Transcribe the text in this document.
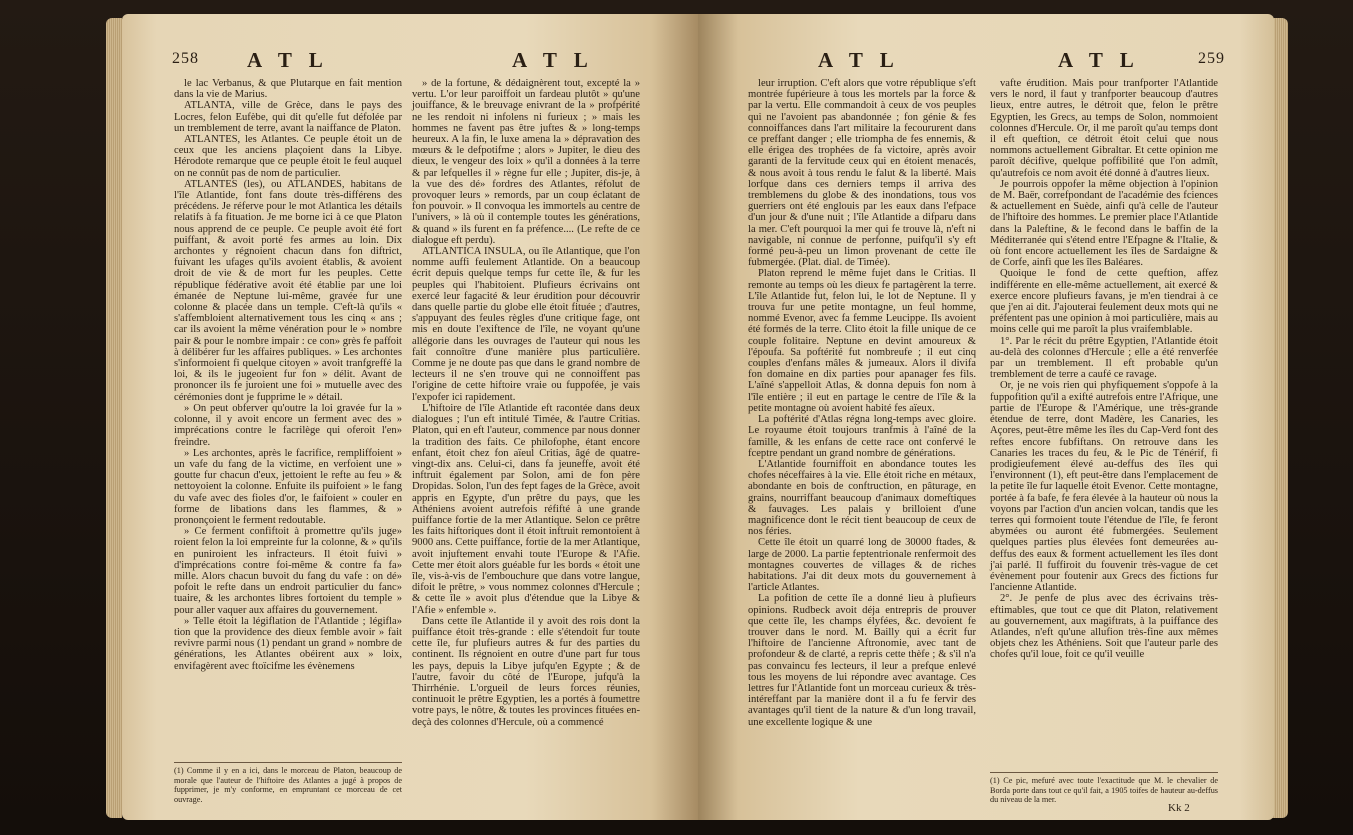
258 A T L	A T L

le lac Verbanus, & que Plutarque en fait mention dans la vie de Marius.

ATLANTA, ville de Grèce, dans le pays des Locres, felon Eufèbe, qui dit qu'elle fut défolée par un tremblement de terre, avant la naiffance de Platon.

ATLANTES, les Atlantes. Ce peuple étoit un de ceux que les anciens plaçoient dans la Libye. Hérodote remarque que ce peuple étoit le feul auquel on ne connût pas de nom de particulier.

ATLANTES (les), ou ATLANDES, habitans de l'île Atlantide, font fans doute très-différens des précédens. Je réferve pour le mot Atlantica les détails relatifs à fa fituation. Je me borne ici à ce que Platon nous apprend de ce peuple. Ce peuple avoit été fort puiffant, & avoit porté fes armes au loin. Dix archontes y régnoient chacun dans fon diftrict, fuivant les ufages qu'ils avoient établis, & avoient droit de vie & de mort fur les peuples. Cette république fédérative avoit été établie par une loi émanée de Neptune lui-même, gravée fur une colonne & placée dans un temple. C'eft-là qu'ils « s'affembloient alternativement tous les cinq « ans ; car ils avoient la même vénération pour le » nombre pair & pour le nombre impair : ce con» grès fe paffoit à délibérer fur les affaires publiques. » Les archontes s'informoient fi quelque citoyen » avoit tranfgreffé la loi, & ils le jugeoient fur fon » délit. Avant de prononcer ils fe juroient une foi » mutuelle avec des cérémonies dont je fupprime le » détail.

» On peut obferver qu'outre la loi gravée fur la » colonne, il y avoit encore un ferment avec des » imprécations contre le facrilège qui oferoit l'en» freindre.

» Les archontes, après le facrifice, rempliffoient » un vafe du fang de la victime, en verfoient une » goutte fur chacun d'eux, jettoient le refte au feu » & nettoyoient la colonne. Enfuite ils puifoient » le fang du vafe avec des fioles d'or, le faifoient » couler en forme de libations dans les flammes, & » prononçoient le ferment redoutable.

» Ce ferment confiftoit à promettre qu'ils juge» roient felon la loi empreinte fur la colonne, & » qu'ils en puniroient les infracteurs. Il étoit fuivi » d'imprécations contre foi-même & contre fa fa» mille. Alors chacun buvoit du fang du vafe : on dé» pofoit le refte dans un endroit particulier du fanc» tuaire, & les archontes libres fortoient du temple » pour aller vaquer aux affaires du gouvernement.

» Telle étoit la légiflation de l'Atlantide ; légifla» tion que la providence des dieux femble avoir » fait revivre parmi nous (1) pendant un grand » nombre de générations, les Atlantes obéirent aux » loix, envifagèrent avec ftoïcifme les évènemens

(1) Comme il y en a ici, dans le morceau de Platon, beaucoup de morale que l'auteur de l'hiftoire des Atlantes a jugé à propos de fupprimer, je m'y conforme, en empruntant ce morceau de cet ouvrage.

» de la fortune, & dédaignèrent tout, excepté la » vertu. L'or leur paroiffoit un fardeau plutôt » qu'une jouiffance, & le breuvage enivrant de la » profpérité ne les rendoit ni infolens ni furieux ; » mais les hommes ne favent pas être juftes & » long-temps heureux. A la fin, le luxe amena la » dépravation des mœurs & le defpotifme ; alors » Jupiter, le dieu des dieux, le vengeur des loix » qu'il a données à la terre & par lefquelles il » règne fur elle ; Jupiter, dis-je, à la vue des dé» fordres des Atlantes, réfolut de provoquer leurs » remords, par un coup éclatant de fon pouvoir. » Il convoqua les immortels au centre de l'univers, » là où il contemple toutes les générations, & quand » ils furent en fa préfence.... (Le refte de ce dialogue eft perdu).

ATLANTICA INSULA, ou île Atlantique, que l'on nomme auffi feulement Atlantide. On a beaucoup écrit depuis quelque temps fur cette île, & fur les peuples qui l'habitoient. Plufieurs écrivains ont exercé leur fagacité & leur érudition pour découvrir dans quelle partie du globe elle étoit fituée ; d'autres, s'appuyant des feules règles d'une critique fage, ont mis en doute l'exiftence de l'île, ne voyant qu'une allégorie dans les ouvrages de l'auteur qui nous les fait connoître d'une manière plus particulière. Comme je ne doute pas que dans le grand nombre de lecteurs il ne s'en trouve qui ne connoiffent pas l'origine de cette hiftoire vraie ou fuppofée, je vais l'expofer ici rapidement.

L'hiftoire de l'île Atlantide eft racontée dans deux dialogues ; l'un eft intitulé Timée, & l'autre Critias. Platon, qui en eft l'auteur, commence par nous donner la tradition des faits. Ce philofophe, étant encore enfant, étoit chez fon aïeul Critias, âgé de quatre-vingt-dix ans. Celui-ci, dans fa jeuneffe, avoit été inftruit également par Solon, ami de fon père Dropidas. Solon, l'un des fept fages de la Grèce, avoit appris en Egypte, d'un prêtre du pays, que les Athéniens avoient autrefois réfifté à une grande puiffance fortie de la mer Atlantique. Selon ce prêtre les faits hiftoriques dont il étoit inftruit remontoient à 9000 ans. Cette puiffance, fortie de la mer Atlantique, avoit injuftement envahi toute l'Europe & l'Afie. Cette mer étoit alors guéable fur les bords « étoit une île, vis-à-vis de l'embouchure que dans votre langue, difoit le prêtre, » vous nommez colonnes d'Hercule ; & cette île » avoit plus d'étendue que la Libye & l'Afie » enfemble ».

Dans cette île Atlantide il y avoit des rois dont la puiffance étoit très-grande : elle s'étendoit fur toute cette île, fur plufieurs autres & fur des parties du continent. Ils régnoient en outre d'une part fur tous les pays, depuis la Libye jufqu'en Egypte ; & de l'autre, favoir du côté de l'Europe, jufqu'à la Thirrhénie. L'orgueil de leurs forces réunies, continuoit le prêtre Egyptien, les a portés à foumettre votre pays, le nôtre, & toutes les provinces fituées en-deçà des colonnes d'Hercule, où a commencé

A T L	A T L	259

leur irruption. C'eft alors que votre république s'eft montrée fupérieure à tous les mortels par la force & par la vertu. Elle commandoit à ceux de vos peuples qui ne l'avoient pas abandonnée ; fon génie & fes connoiffances dans l'art militaire la fecoururent dans ce preffant danger ; elle triompha de fes ennemis, & elle érigea des trophées de fa victoire, après avoir garanti de la fervitude ceux qui en étoient menacés, & nous avoit à tous rendu le falut & la liberté. Mais lorfque dans ces derniers temps il arriva des tremblemens du globe & des inondations, tous vos guerriers ont été englouis par les eaux dans l'efpace d'un jour & d'une nuit ; l'île Atlantide a difparu dans la mer. C'eft pourquoi la mer qui fe trouve là, n'eft ni navigable, ni connue de perfonne, puifqu'il s'y eft formé peu-à-peu un limon provenant de cette île fubmergée. (Plat. dial. de Timée).

Platon reprend le même fujet dans le Critias. Il remonte au temps où les dieux fe partagèrent la terre. L'île Atlantide fut, felon lui, le lot de Neptune. Il y trouva fur une petite montagne, un feul homme, nommé Evenor, avec fa femme Leucippe. Ils avoient été formés de la terre. Clito étoit la fille unique de ce couple folitaire. Neptune en devint amoureux & l'époufa. Sa poftérité fut nombreufe ; il eut cinq couples d'enfans mâles & jumeaux. Alors il divifa fon domaine en dix parties pour apanager fes fils. L'aîné s'appelloit Atlas, & donna depuis fon nom à l'île entière ; il eut en partage le centre de l'île & la petite montagne où avoient habité fes aïeux.

La poftérité d'Atlas régna long-temps avec gloire. Le royaume étoit toujours tranfmis à l'aîné de la famille, & les enfans de cette race ont confervé le fceptre pendant un grand nombre de générations.

L'Atlantide fourniffoit en abondance toutes les chofes néceffaires à la vie. Elle étoit riche en métaux, abondante en bois de conftruction, en pâturage, en grains, nourriffant beaucoup d'animaux domeftiques & fauvages. Les palais y brilloient d'une magnificence dont le récit tient beaucoup de ceux de nos féries.

Cette île étoit un quarré long de 30000 ftades, & large de 2000. La partie feptentrionale renfermoit des montagnes couvertes de villages & de riches habitations. J'ai dit deux mots du gouvernement à l'article Atlantes.

La pofition de cette île a donné lieu à plufieurs opinions. Rudbeck avoit déja entrepris de prouver que cette île, les champs élyfées, &c. devoient fe trouver dans le nord. M. Bailly qui a écrit fur l'hiftoire de l'ancienne Aftronomie, avec tant de profondeur & de clarté, a repris cette thèfe ; & s'il n'a pas convaincu fes lecteurs, il leur a prefque enlevé tous les moyens de lui répondre avec avantage. Ces lettres fur l'Atlantide font un morceau curieux & très-intéreffant par la manière dont il a fu fe fervir des avantages qu'il tient de la nature & d'un long travail, une excellente logique & une

vafte érudition. Mais pour tranfporter l'Atlantide vers le nord, il faut y tranfporter beaucoup d'autres lieux, entre autres, le détroit que, felon le prêtre Egyptien, les Grecs, au temps de Solon, nommoient colonnes d'Hercule. Or, il me paroît qu'au temps dont il eft queftion, ce détroit étoit celui que nous nommons actuellement Gibraltar. Et cette opinion me paroît décifive, quelque poffibilité que l'on admît, qu'autrefois ce nom avoit été donné à d'autres lieux.

Je pourrois oppofer la même objection à l'opinion de M. Baër, correfpondant de l'académie des fciences & actuellement en Suède, ainfi qu'à celle de l'auteur de l'hiftoire des hommes. Le premier place l'Atlantide dans la Paleftine, & le fecond dans le baffin de la Méditerranée qui s'étend entre l'Efpagne & l'Italie, & où font encore actuellement les îles de Sardaigne & de Corfe, ainfi que les îles Baléares.

Quoique le fond de cette queftion, affez indifférente en elle-même actuellement, ait exercé & exerce encore plufieurs favans, je m'en tiendrai à ce que j'en ai dit. J'ajouterai feulement deux mots qui ne préfentent pas une opinion à moi particulière, mais au moins celle qui me paroît la plus vraifemblable.

1°. Par le récit du prêtre Egyptien, l'Atlantide étoit au-delà des colonnes d'Hercule ; elle a été renverfée par un tremblement. Il eft probable qu'un tremblement de terre a caufé ce ravage.

Or, je ne vois rien qui phyfiquement s'oppofe à la fuppofition qu'il a exifté autrefois entre l'Afrique, une partie de l'Europe & l'Amérique, une très-grande étendue de terre, dont Madère, les Canaries, les Açores, peut-être même les îles du Cap-Verd font des reftes encore fubfiftans. On retrouve dans les Canaries les traces du feu, & le Pic de Ténérif, fi prodigieufement élevé au-deffus des îles qui l'environnent (1), eft peut-être dans l'emplacement de la petite île fur laquelle étoit Evenor. Cette montagne, portée à fa bafe, fe fera élevée à la hauteur où nous la voyons par l'action d'un ancien volcan, tandis que les terres qui formoient toute l'étendue de l'île, fe feront abymées ou auront été fubmergées. Seulement quelques parties plus élevées font demeurées au-deffus des eaux & forment actuellement les îles dont j'ai parlé. Il fuffiroit du fouvenir très-vague de cet évènement pour foutenir aux Grecs des fictions fur l'ancienne Atlantide.

2°. Je penfe de plus avec des écrivains très-eftimables, que tout ce que dit Platon, relativement au gouvernement, aux magiftrats, à la puiffance des Atlandes, n'eft qu'une allufion très-fine aux mêmes objets chez les Athéniens. Soit que l'auteur parle des chofes qu'il loue, foit ce qu'il veuille

(1) Ce pic, mefuré avec toute l'exactitude que M. le chevalier de Borda porte dans tout ce qu'il fait, a 1905 toifes de hauteur au-deffus du niveau de la mer.
Kk 2
